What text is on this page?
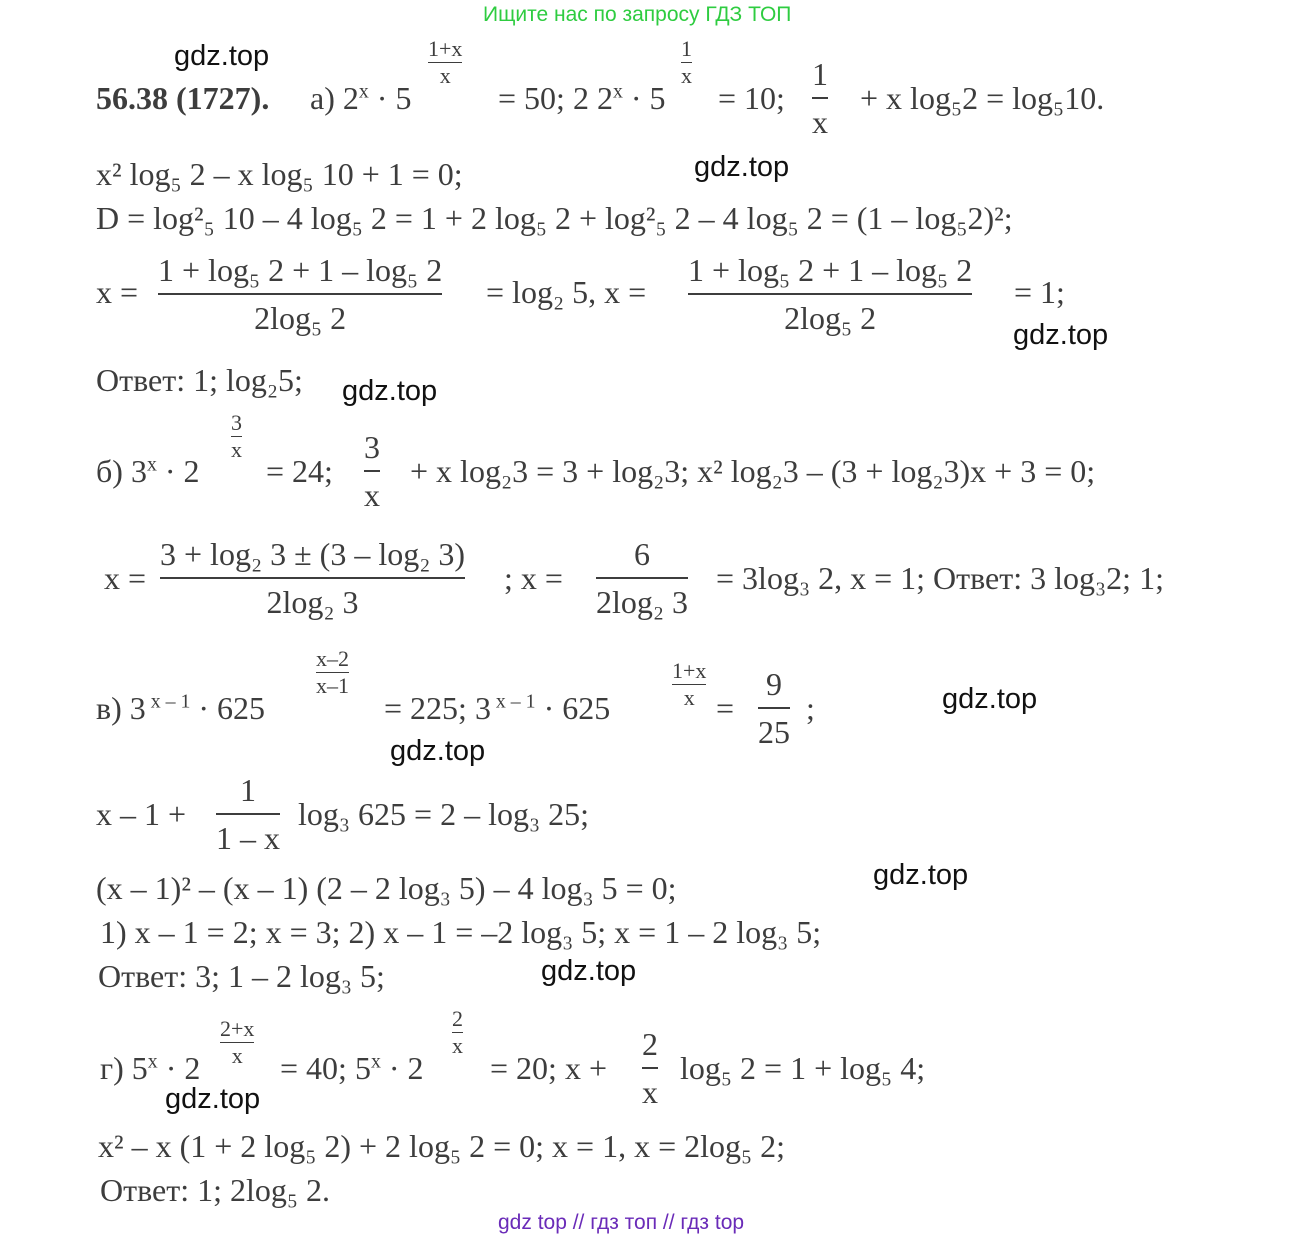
Ищите нас по запросу ГДЗ ТОП
gdz top // гдз топ // гдз top
gdz.top
gdz.top
gdz.top
gdz.top
gdz.top
gdz.top
gdz.top
gdz.top
gdz.top
56.38 (1727). а) $2^x \cdot 5$
1+x
x
= 50; 2 $2^x \cdot 5$
1
x
= 10;
1
x
+ x log₅2 = log₅10.
x² log₅ 2 – x log₅ 10 + 1 = 0;
D = log²₅ 10 – 4 log₅ 2 = 1 + 2 log₅ 2 + log²₅ 2 – 4 log₅ 2 = (1 – log₅2)²;
x =
1 + log₅ 2 + 1 – log₅ 2
2log₅ 2
= log₂ 5, x =
1 + log₅ 2 + 1 – log₅ 2
2log₅ 2
= 1;
Ответ: 1; log₂5;
б) $3^x \cdot 2$
3
x
= 24;
3
x
+ x log₂3 = 3 + log₂3; x² log₂3 – (3 + log₂3)x + 3 = 0;
x =
3 + log₂ 3 ± (3 – log₂ 3)
2log₂ 3
; x =
6
2log₂ 3
= 3log₃ 2, x = 1; Ответ: 3 log₃2; 1;
в) 3 $^{x - 1}$ · 625
x–2
x–1
= 225; 3 $^{x - 1}$ · 625
1+x
x =
9
25
;
x – 1 +
1
1 – x
log₃ 625 = 2 – log₃ 25;
(x – 1)² – (x – 1) (2 – 2 log₃ 5) – 4 log₃ 5 = 0;
1) x – 1 = 2; x = 3; 2) x – 1 = –2 log₃ 5; x = 1 – 2 log₃ 5;
Ответ: 3; 1 – 2 log₃ 5;
г) $5^x \cdot 2$
2+x
x = 40; $5^x \cdot 2$
2
x
= 20; x +
2
x
log₅ 2 = 1 + log₅ 4;
x² – x (1 + 2 log₅ 2) + 2 log₅ 2 = 0; x = 1, x = 2log₅ 2;
Ответ: 1; 2log₅ 2.
